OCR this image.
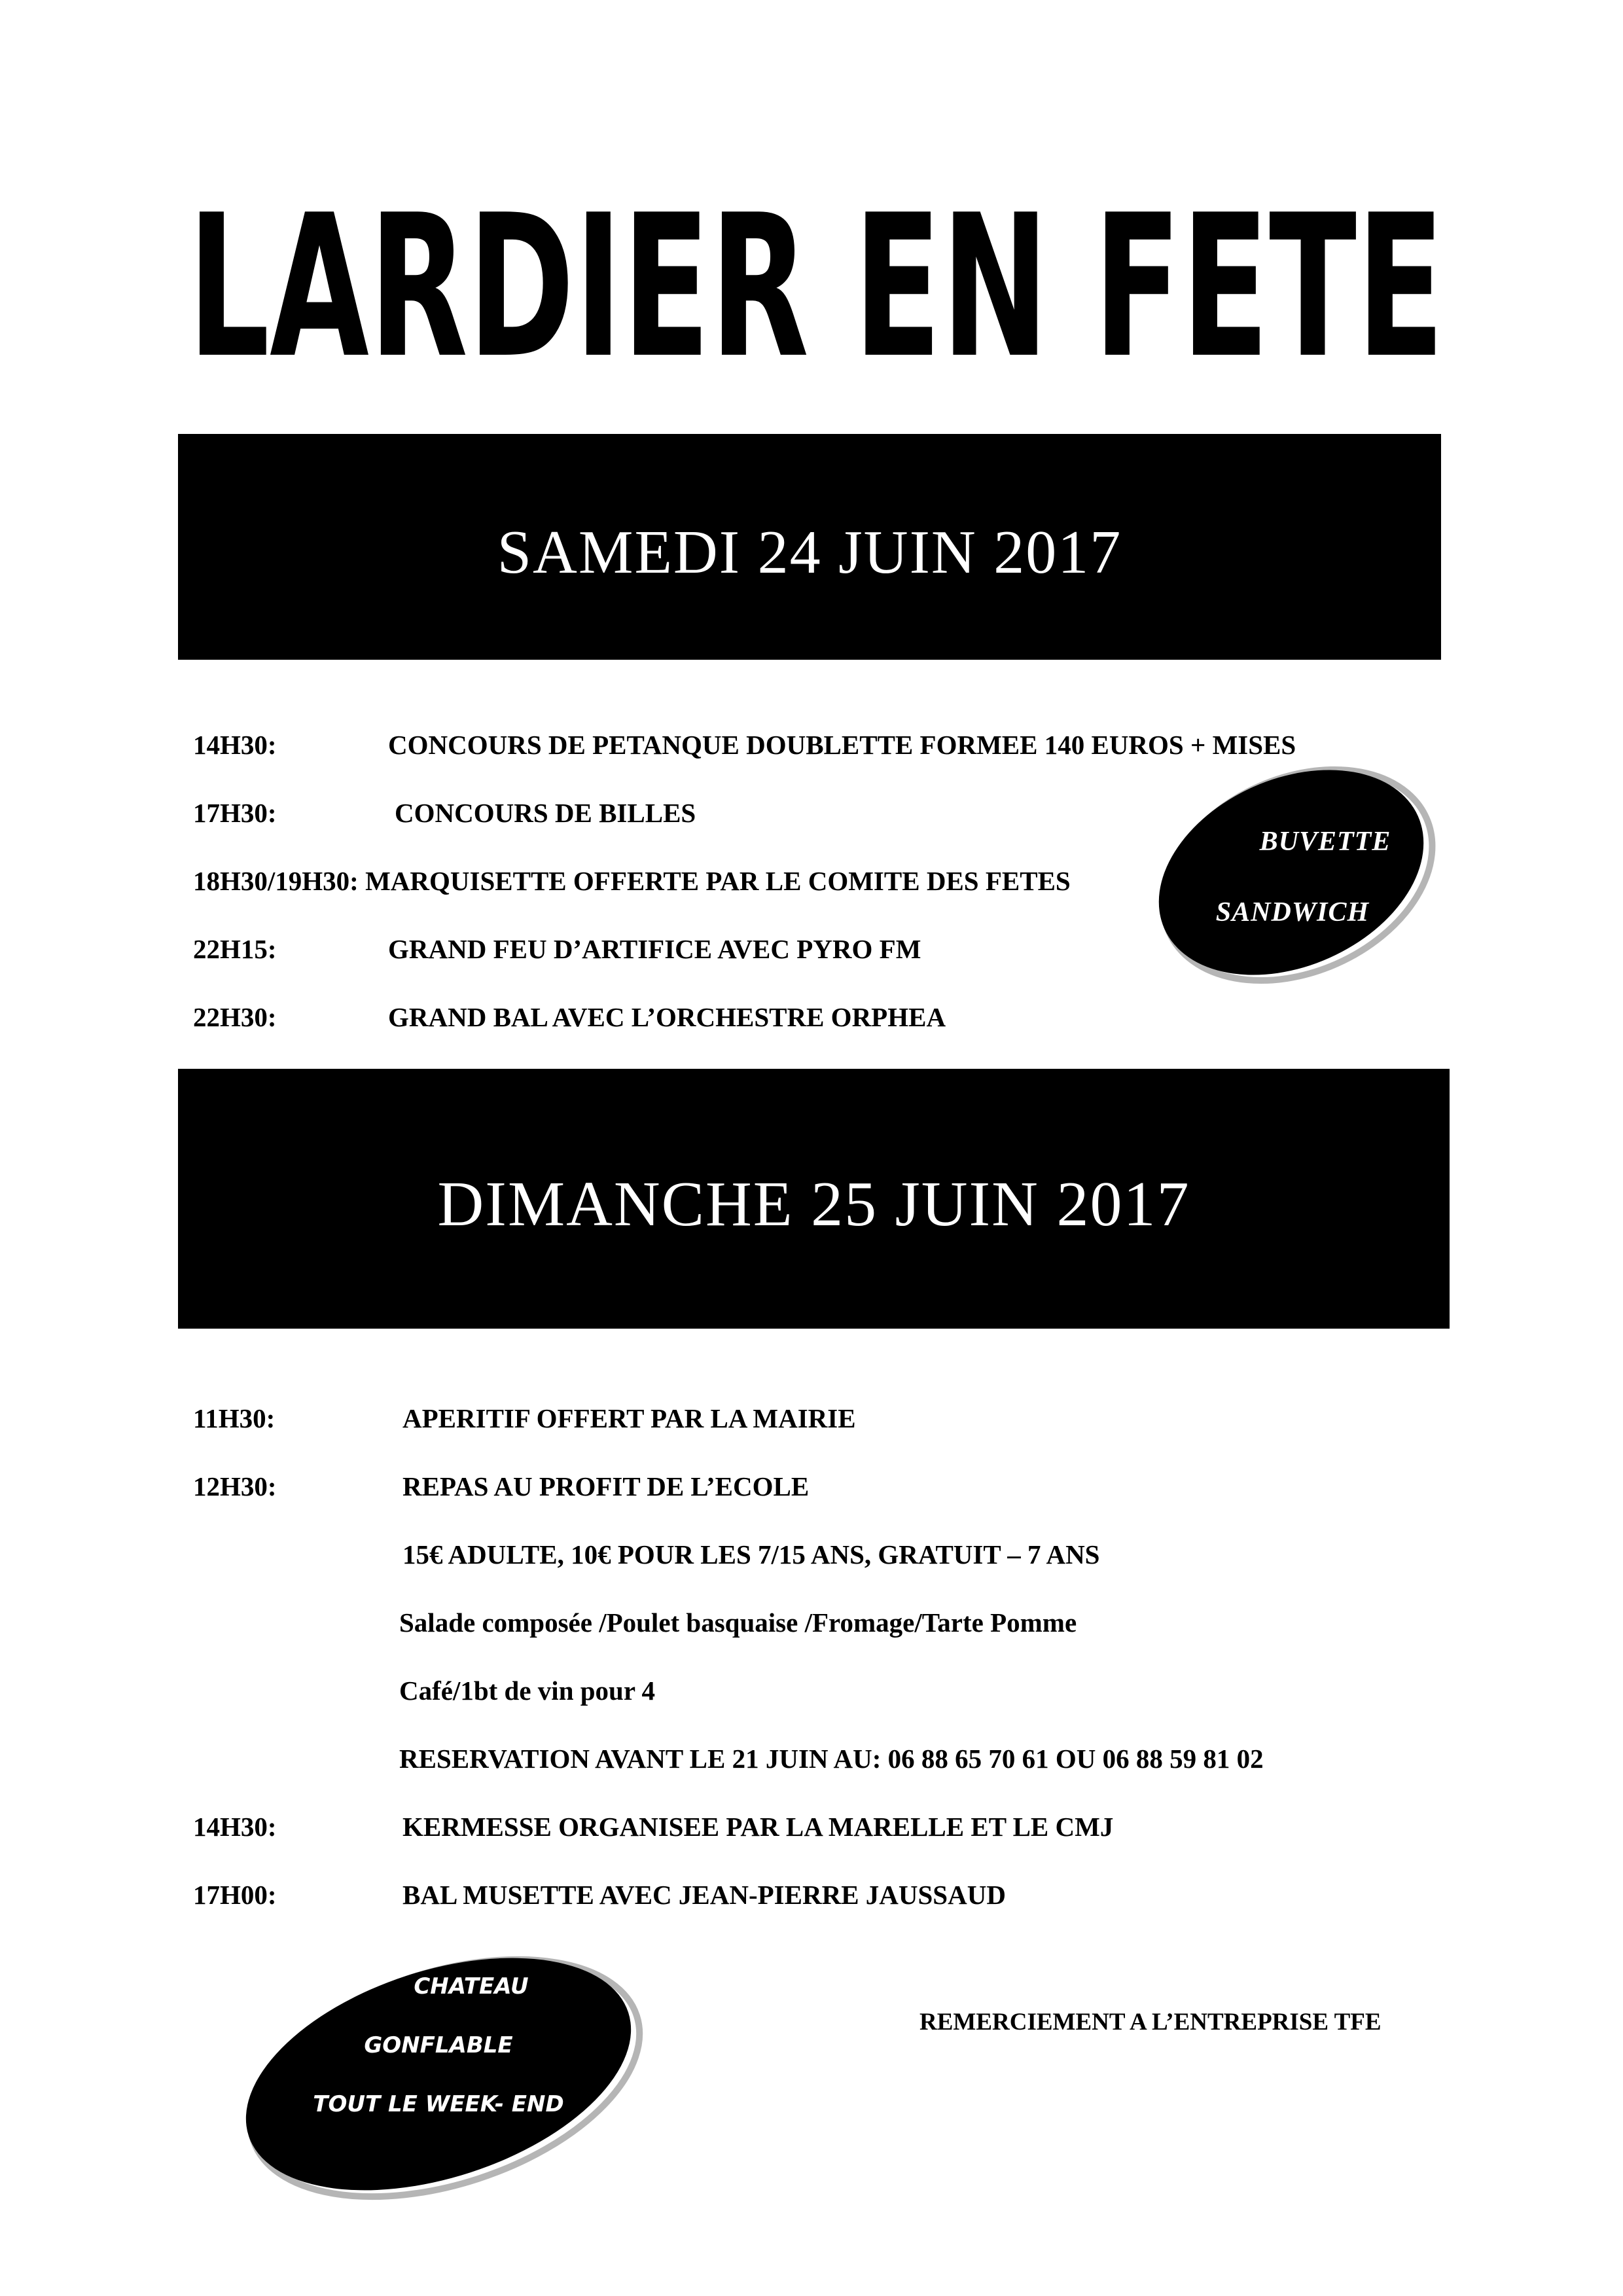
LARDIER EN FETE
SAMEDI 24 JUIN 2017
14H30:	CONCOURS DE PETANQUE DOUBLETTE FORMEE 140 EUROS + MISES
17H30:	CONCOURS DE BILLES
18H30/19H30: MARQUISETTE OFFERTE PAR LE COMITE DES FETES
22H15:	GRAND FEU D’ARTIFICE AVEC PYRO FM
22H30:	GRAND BAL AVEC L’ORCHESTRE ORPHEA
BUVETTE
SANDWICH
DIMANCHE 25 JUIN 2017
11H30:	APERITIF OFFERT PAR LA MAIRIE
12H30:	REPAS AU PROFIT DE L’ECOLE
15€ ADULTE, 10€ POUR LES 7/15 ANS, GRATUIT – 7 ANS
Salade composée /Poulet basquaise /Fromage/Tarte Pomme
Café/1bt de vin pour 4
RESERVATION AVANT LE 21 JUIN AU: 06 88 65 70 61 OU 06 88 59 81 02
14H30:	KERMESSE ORGANISEE PAR LA MARELLE ET LE CMJ
17H00:	BAL MUSETTE AVEC JEAN-PIERRE JAUSSAUD
CHATEAU
GONFLABLE
TOUT LE WEEK- END
REMERCIEMENT A L’ENTREPRISE TFE
